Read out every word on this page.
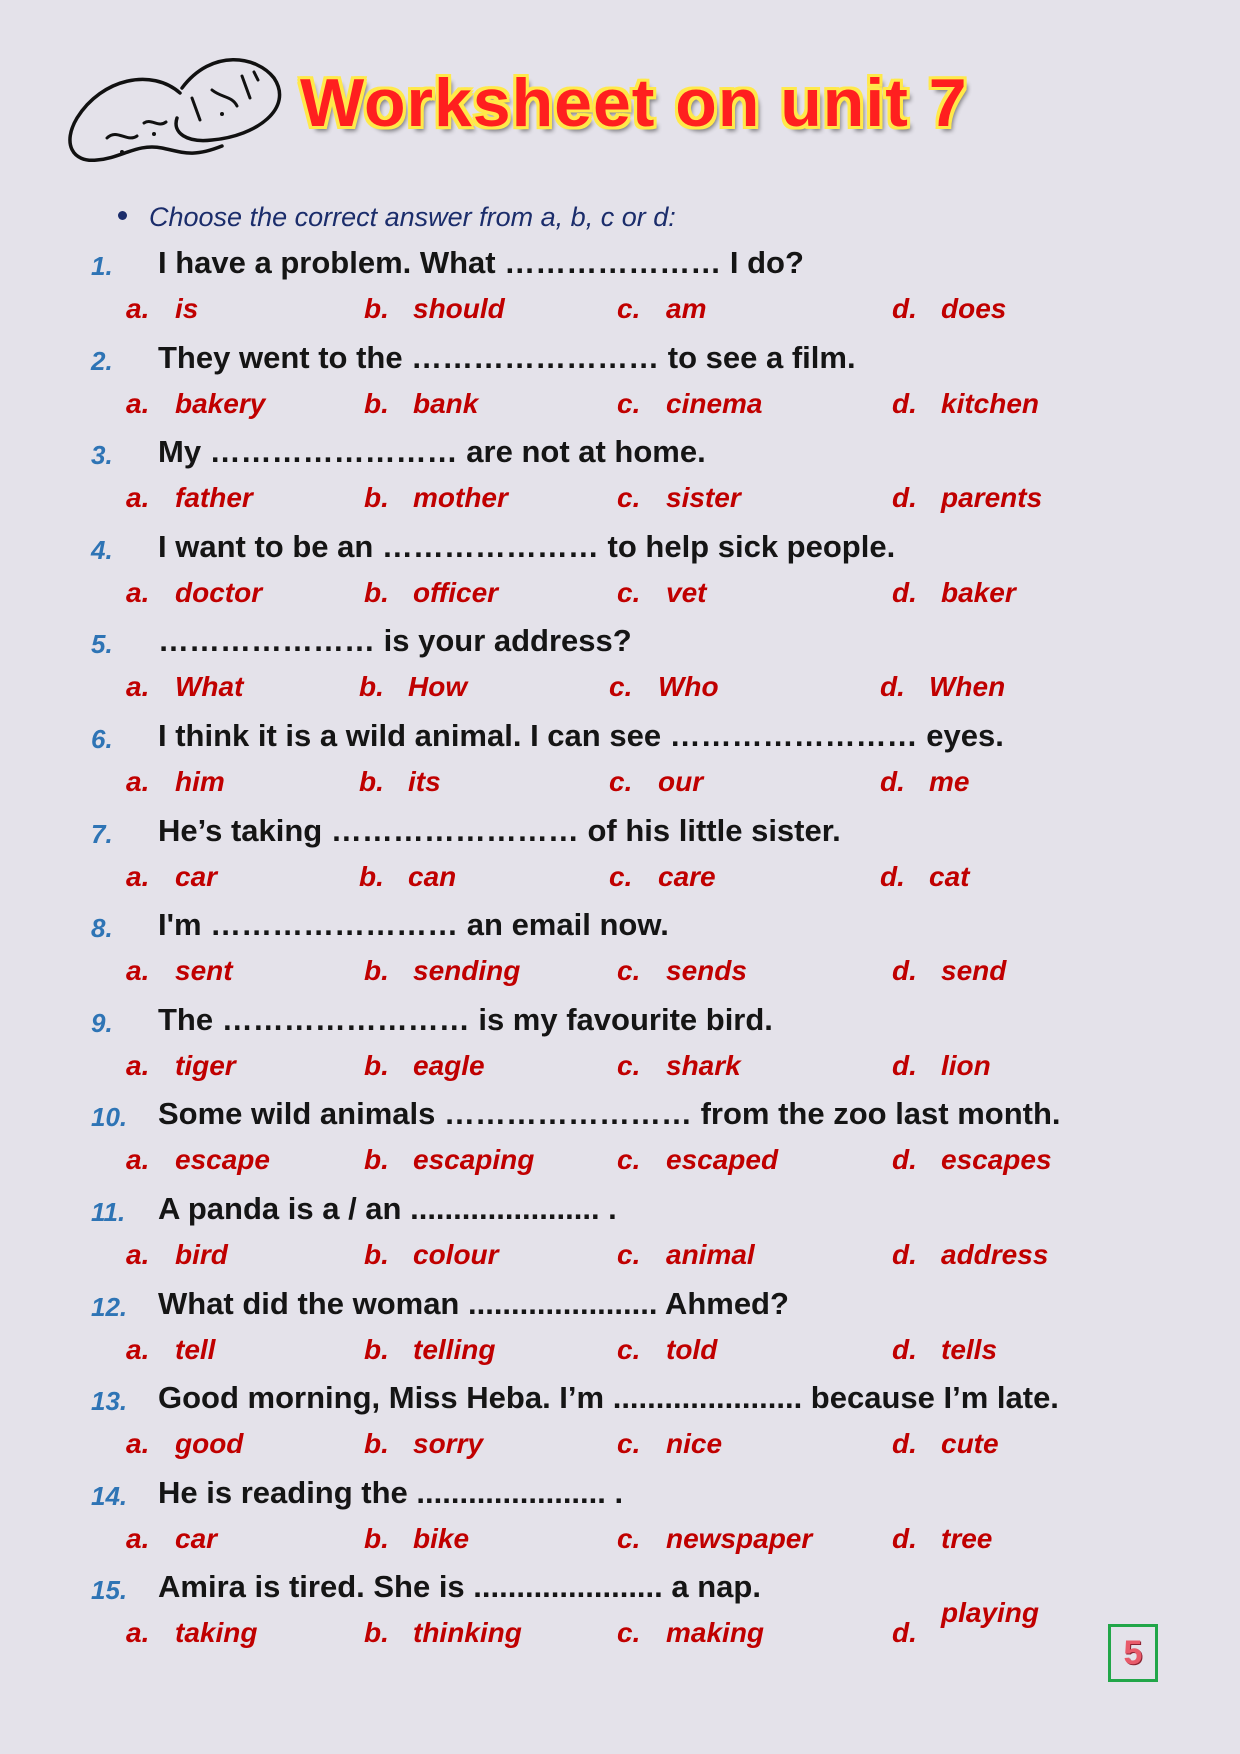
Worksheet on unit 7
Choose the correct answer from a, b, c or d:
1. I have a problem. What ………………… I do?
a. is	b. should	c. am	d. does
2. They went to the …………………… to see a film.
a. bakery	b. bank	c. cinema	d. kitchen
3. My …………………… are not at home.
a. father	b. mother	c. sister	d. parents
4. I want to be an ………………… to help sick people.
a. doctor	b. officer	c. vet	d. baker
5. ………………… is your address?
a. What	b. How	c. Who	d. When
6. I think it is a wild animal. I can see …………………… eyes.
a. him	b. its	c. our	d. me
7. He’s taking …………………… of his little sister.
a. car	b. can	c. care	d. cat
8. I'm …………………… an email now.
a. sent	b. sending	c. sends	d. send
9. The …………………… is my favourite bird.
a. tiger	b. eagle	c. shark	d. lion
10. Some wild animals …………………… from the zoo last month.
a. escape	b. escaping	c. escaped	d. escapes
11. A panda is a / an ...................... .
a. bird	b. colour	c. animal	d. address
12. What did the woman ...................... Ahmed?
a. tell	b. telling	c. told	d. tells
13. Good morning, Miss Heba. I’m ...................... because I’m late.
a. good	b. sorry	c. nice	d. cute
14. He is reading the ...................... .
a. car	b. bike	c. newspaper	d. tree
15. Amira is tired. She is ...................... a nap.
a. taking	b. thinking	c. making	d.playing
5
